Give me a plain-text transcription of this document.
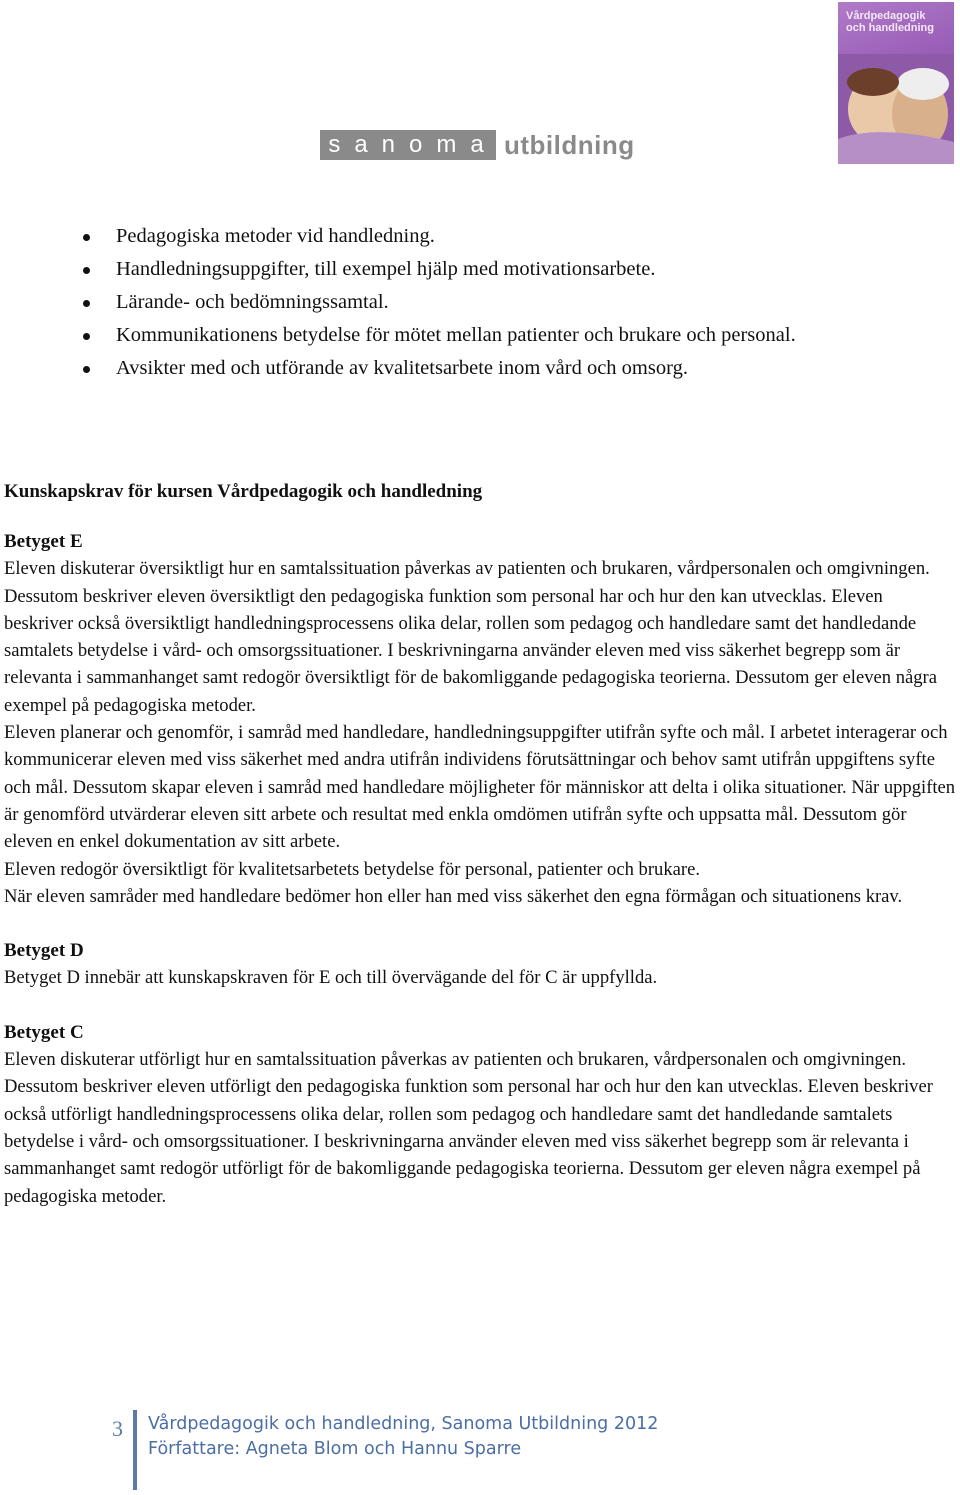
Vårdpedagogik och handledning
sanoma utbildning
Pedagogiska metoder vid handledning.
Handledningsuppgifter, till exempel hjälp med motivationsarbete.
Lärande- och bedömningssamtal.
Kommunikationens betydelse för mötet mellan patienter och brukare och personal.
Avsikter med och utförande av kvalitetsarbete inom vård och omsorg.
Kunskapskrav för kursen Vårdpedagogik och handledning
Betyget E

Eleven diskuterar översiktligt hur en samtalssituation påverkas av patienten och brukaren, vårdpersonalen och omgivningen. Dessutom beskriver eleven översiktligt den pedagogiska funktion som personal har och hur den kan utvecklas. Eleven beskriver också översiktligt handledningsprocessens olika delar, rollen som pedagog och handledare samt det handledande samtalets betydelse i vård- och omsorgssituationer. I beskrivningarna använder eleven med viss säkerhet begrepp som är relevanta i sammanhanget samt redogör översiktligt för de bakomliggande pedagogiska teorierna. Dessutom ger eleven några exempel på pedagogiska metoder.

Eleven planerar och genomför, i samråd med handledare, handledningsuppgifter utifrån syfte och mål. I arbetet interagerar och kommunicerar eleven med viss säkerhet med andra utifrån individens förutsättningar och behov samt utifrån uppgiftens syfte och mål. Dessutom skapar eleven i samråd med handledare möjligheter för människor att delta i olika situationer. När uppgiften är genomförd utvärderar eleven sitt arbete och resultat med enkla omdömen utifrån syfte och uppsatta mål. Dessutom gör eleven en enkel dokumentation av sitt arbete.

Eleven redogör översiktligt för kvalitetsarbetets betydelse för personal, patienter och brukare.

När eleven samråder med handledare bedömer hon eller han med viss säkerhet den egna förmågan och situationens krav.

Betyget D

Betyget D innebär att kunskapskraven för E och till övervägande del för C är uppfyllda.

Betyget C

Eleven diskuterar utförligt hur en samtalssituation påverkas av patienten och brukaren, vårdpersonalen och omgivningen. Dessutom beskriver eleven utförligt den pedagogiska funktion som personal har och hur den kan utvecklas. Eleven beskriver också utförligt handledningsprocessens olika delar, rollen som pedagog och handledare samt det handledande samtalets betydelse i vård- och omsorgssituationer. I beskrivningarna använder eleven med viss säkerhet begrepp som är relevanta i sammanhanget samt redogör utförligt för de bakomliggande pedagogiska teorierna. Dessutom ger eleven några exempel på pedagogiska metoder.

3 Vårdpedagogik och handledning, Sanoma Utbildning 2012
Författare: Agneta Blom och Hannu Sparre
